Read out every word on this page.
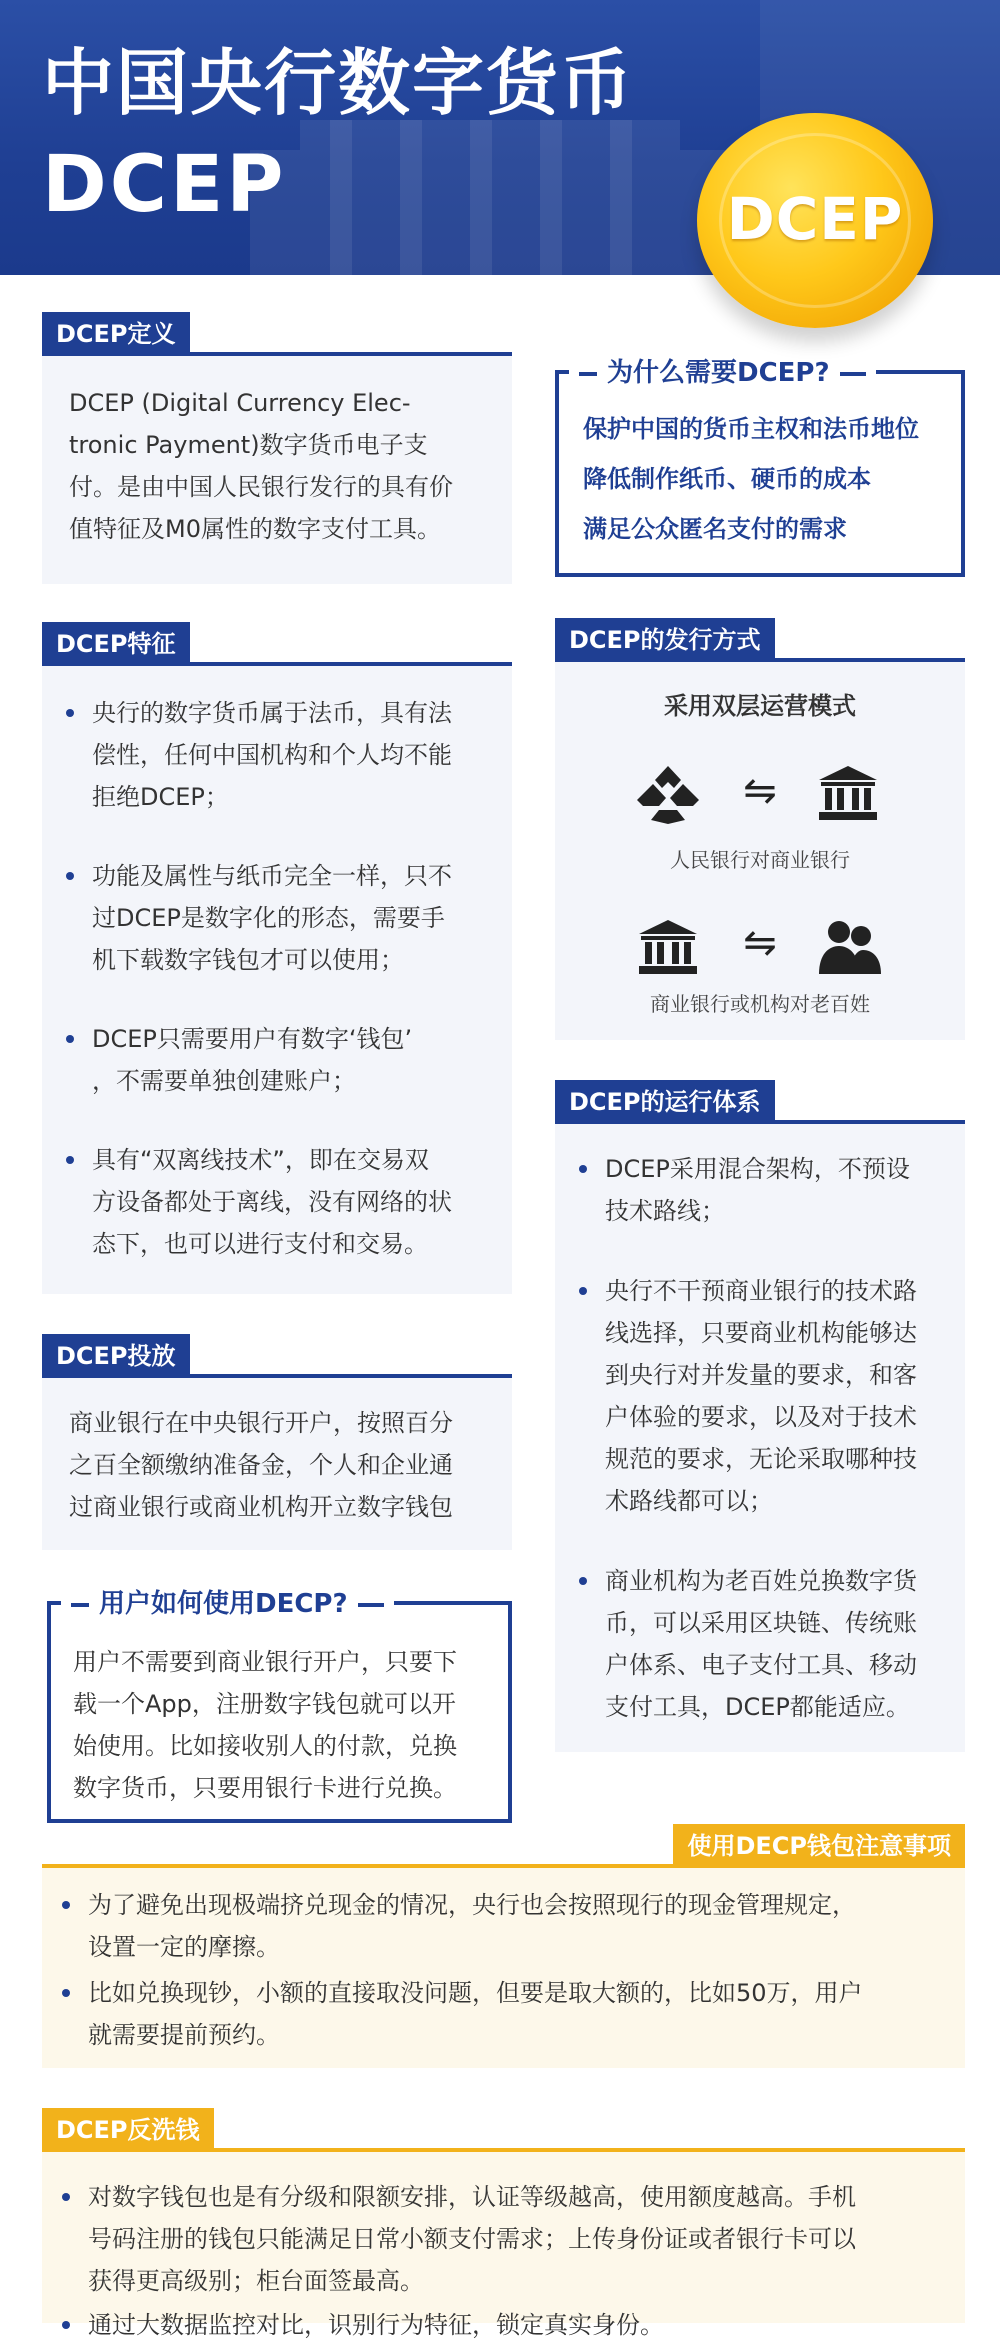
中国央行数字货币
DCEP	DCEP
DCEP定义
DCEP (Digital Currency Elec-
tronic Payment)数字货币电子支
付。是由中国人民银行发行的具有价
值特征及M0属性的数字支付工具。
为什么需要DCEP?
保护中国的货币主权和法币地位
降低制作纸币、硬币的成本
满足公众匿名支付的需求
DCEP特征
央行的数字货币属于法币，具有法
偿性，任何中国机构和个人均不能
拒绝DCEP；
功能及属性与纸币完全一样，只不
过DCEP是数字化的形态，需要手
机下载数字钱包才可以使用；
DCEP只需要用户有数字‘钱包’
，不需要单独创建账户；
具有“双离线技术”，即在交易双
方设备都处于离线，没有网络的状
态下，也可以进行支付和交易。
DCEP的发行方式
采用双层运营模式
⇋
人民银行对商业银行
⇋
商业银行或机构对老百姓
DCEP的运行体系
DCEP采用混合架构，不预设
技术路线；
央行不干预商业银行的技术路
线选择，只要商业机构能够达
到央行对并发量的要求，和客
户体验的要求，以及对于技术
规范的要求，无论采取哪种技
术路线都可以；
商业机构为老百姓兑换数字货
币，可以采用区块链、传统账
户体系、电子支付工具、移动
支付工具，DCEP都能适应。
DCEP投放
商业银行在中央银行开户，按照百分
之百全额缴纳准备金，个人和企业通
过商业银行或商业机构开立数字钱包
用户如何使用DECP?
用户不需要到商业银行开户，只要下
载一个App，注册数字钱包就可以开
始使用。比如接收别人的付款，兑换
数字货币，只要用银行卡进行兑换。
使用DECP钱包注意事项
为了避免出现极端挤兑现金的情况，央行也会按照现行的现金管理规定，
设置一定的摩擦。
比如兑换现钞，小额的直接取没问题，但要是取大额的，比如50万，用户
就需要提前预约。
DCEP反洗钱
对数字钱包也是有分级和限额安排，认证等级越高，使用额度越高。手机
号码注册的钱包只能满足日常小额支付需求；上传身份证或者银行卡可以
获得更高级别；柜台面签最高。
通过大数据监控对比，识别行为特征，锁定真实身份。
